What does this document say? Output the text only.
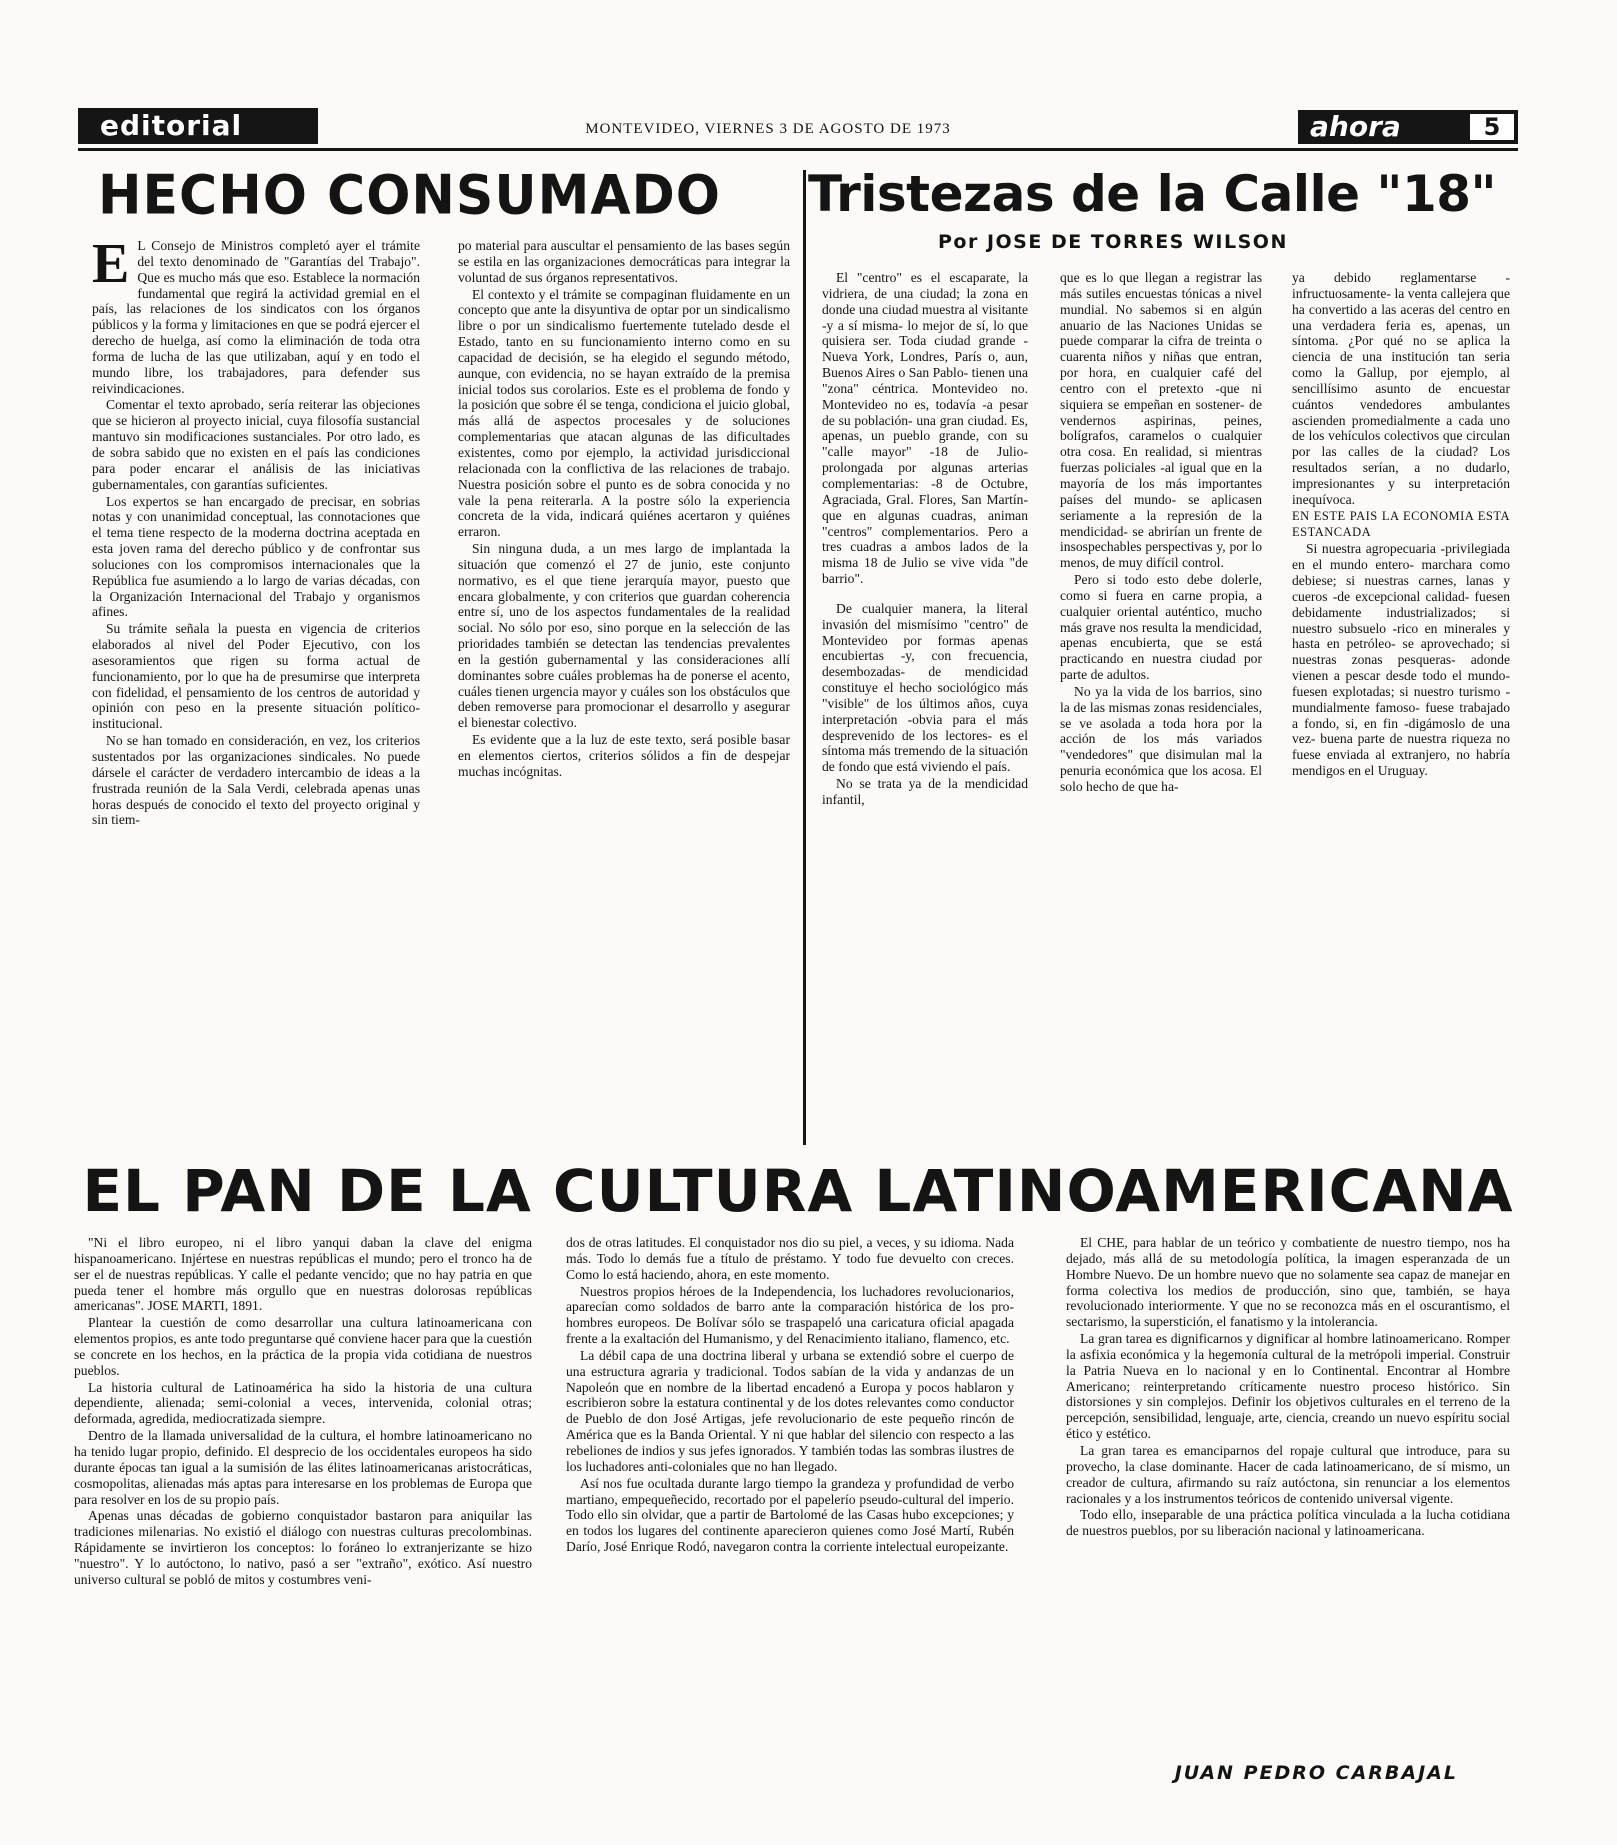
editorial	MONTEVIDEO, VIERNES 3 DE AGOSTO DE 1973	ahora	5
HECHO CONSUMADO

E L Consejo de Ministros completó ayer el trámite del texto denominado de "Garantías del Trabajo". Que es mucho más que eso. Establece la normación fundamental que regirá la actividad gremial en el país, las relaciones de los sindicatos con los órganos públicos y la forma y limitaciones en que se podrá ejercer el derecho de huelga, así como la eliminación de toda otra forma de lucha de las que utilizaban, aquí y en todo el mundo libre, los trabajadores, para defender sus reivindicaciones.

Comentar el texto aprobado, sería reiterar las objeciones que se hicieron al proyecto inicial, cuya filosofía sustancial mantuvo sin modificaciones sustanciales. Por otro lado, es de sobra sabido que no existen en el país las condiciones para poder encarar el análisis de las iniciativas gubernamentales, con garantías suficientes.

Los expertos se han encargado de precisar, en sobrias notas y con unanimidad conceptual, las connotaciones que el tema tiene respecto de la moderna doctrina aceptada en esta joven rama del derecho público y de confrontar sus soluciones con los compromisos internacionales que la República fue asumiendo a lo largo de varias décadas, con la Organización Internacional del Trabajo y organismos afines.

Su trámite señala la puesta en vigencia de criterios elaborados al nivel del Poder Ejecutivo, con los asesoramientos que rigen su forma actual de funcionamiento, por lo que ha de presumirse que interpreta con fidelidad, el pensamiento de los centros de autoridad y opinión con peso en la presente situación político-institucional.

No se han tomado en consideración, en vez, los criterios sustentados por las organizaciones sindicales. No puede dársele el carácter de verdadero intercambio de ideas a la frustrada reunión de la Sala Verdi, celebrada apenas unas horas después de conocido el texto del proyecto original y sin tiem-

po material para auscultar el pensamiento de las bases según se estila en las organizaciones democráticas para integrar la voluntad de sus órganos representativos.

El contexto y el trámite se compaginan fluidamente en un concepto que ante la disyuntiva de optar por un sindicalismo libre o por un sindicalismo fuertemente tutelado desde el Estado, tanto en su funcionamiento interno como en su capacidad de decisión, se ha elegido el segundo método, aunque, con evidencia, no se hayan extraído de la premisa inicial todos sus corolarios. Este es el problema de fondo y la posición que sobre él se tenga, condiciona el juicio global, más allá de aspectos procesales y de soluciones complementarias que atacan algunas de las dificultades existentes, como por ejemplo, la actividad jurisdiccional relacionada con la conflictiva de las relaciones de trabajo. Nuestra posición sobre el punto es de sobra conocida y no vale la pena reiterarla. A la postre sólo la experiencia concreta de la vida, indicará quiénes acertaron y quiénes erraron.

Sin ninguna duda, a un mes largo de implantada la situación que comenzó el 27 de junio, este conjunto normativo, es el que tiene jerarquía mayor, puesto que encara globalmente, y con criterios que guardan coherencia entre sí, uno de los aspectos fundamentales de la realidad social. No sólo por eso, sino porque en la selección de las prioridades también se detectan las tendencias prevalentes en la gestión gubernamental y las consideraciones allí dominantes sobre cuáles problemas ha de ponerse el acento, cuáles tienen urgencia mayor y cuáles son los obstáculos que deben removerse para promocionar el desarrollo y asegurar el bienestar colectivo.

Es evidente que a la luz de este texto, será posible basar en elementos ciertos, criterios sólidos a fin de despejar muchas incógnitas.

Tristezas de la Calle "18"
Por JOSE DE TORRES WILSON

El "centro" es el escaparate, la vidriera, de una ciudad; la zona en donde una ciudad muestra al visitante -y a sí misma- lo mejor de sí, lo que quisiera ser. Toda ciudad grande -Nueva York, Londres, París o, aun, Buenos Aires o San Pablo- tienen una "zona" céntrica. Montevideo no. Montevideo no es, todavía -a pesar de su población- una gran ciudad. Es, apenas, un pueblo grande, con su "calle mayor" -18 de Julio- prolongada por algunas arterias complementarias: -8 de Octubre, Agraciada, Gral. Flores, San Martín- que en algunas cuadras, animan "centros" complementarios. Pero a tres cuadras a ambos lados de la misma 18 de Julio se vive vida "de barrio".

De cualquier manera, la literal invasión del mismísimo "centro" de Montevideo por formas apenas encubiertas -y, con frecuencia, desembozadas- de mendicidad constituye el hecho sociológico más "visible" de los últimos años, cuya interpretación -obvia para el más desprevenido de los lectores- es el síntoma más tremendo de la situación de fondo que está viviendo el país.

No se trata ya de la mendicidad infantil,

que es lo que llegan a registrar las más sutiles encuestas tónicas a nivel mundial. No sabemos si en algún anuario de las Naciones Unidas se puede comparar la cifra de treinta o cuarenta niños y niñas que entran, por hora, en cualquier café del centro con el pretexto -que ni siquiera se empeñan en sostener- de vendernos aspirinas, peines, bolígrafos, caramelos o cualquier otra cosa. En realidad, si mientras fuerzas policiales -al igual que en la mayoría de los más importantes países del mundo- se aplicasen seriamente a la represión de la mendicidad- se abrirían un frente de insospechables perspectivas y, por lo menos, de muy difícil control.

Pero si todo esto debe dolerle, como si fuera en carne propia, a cualquier oriental auténtico, mucho más grave nos resulta la mendicidad, apenas encubierta, que se está practicando en nuestra ciudad por parte de adultos.

No ya la vida de los barrios, sino la de las mismas zonas residenciales, se ve asolada a toda hora por la acción de los más variados "vendedores" que disimulan mal la penuria económica que los acosa. El solo hecho de que ha-

ya debido reglamentarse -infructuosamente- la venta callejera que ha convertido a las aceras del centro en una verdadera feria es, apenas, un síntoma. ¿Por qué no se aplica la ciencia de una institución tan seria como la Gallup, por ejemplo, al sencillísimo asunto de encuestar cuántos vendedores ambulantes ascienden promedialmente a cada uno de los vehículos colectivos que circulan por las calles de la ciudad? Los resultados serían, a no dudarlo, impresionantes y su interpretación inequívoca.

EN ESTE PAIS LA ECONOMIA ESTA ESTANCADA

Si nuestra agropecuaria -privilegiada en el mundo entero- marchara como debiese; si nuestras carnes, lanas y cueros -de excepcional calidad- fuesen debidamente industrializados; si nuestro subsuelo -rico en minerales y hasta en petróleo- se aprovechado; si nuestras zonas pesqueras- adonde vienen a pescar desde todo el mundo- fuesen explotadas; si nuestro turismo -mundialmente famoso- fuese trabajado a fondo, si, en fin -digámoslo de una vez- buena parte de nuestra riqueza no fuese enviada al extranjero, no habría mendigos en el Uruguay.

EL PAN DE LA CULTURA LATINOAMERICANA

"Ni el libro europeo, ni el libro yanqui daban la clave del enigma hispanoamericano. Injértese en nuestras repúblicas el mundo; pero el tronco ha de ser el de nuestras repúblicas. Y calle el pedante vencido; que no hay patria en que pueda tener el hombre más orgullo que en nuestras dolorosas repúblicas americanas". JOSE MARTI, 1891.

Plantear la cuestión de como desarrollar una cultura latinoamericana con elementos propios, es ante todo preguntarse qué conviene hacer para que la cuestión se concrete en los hechos, en la práctica de la propia vida cotidiana de nuestros pueblos.

La historia cultural de Latinoamérica ha sido la historia de una cultura dependiente, alienada; semi-colonial a veces, intervenida, colonial otras; deformada, agredida, mediocratizada siempre.

Dentro de la llamada universalidad de la cultura, el hombre latinoamericano no ha tenido lugar propio, definido. El desprecio de los occidentales europeos ha sido durante épocas tan igual a la sumisión de las élites latinoamericanas aristocráticas, cosmopolitas, alienadas más aptas para interesarse en los problemas de Europa que para resolver en los de su propio país.

Apenas unas décadas de gobierno conquistador bastaron para aniquilar las tradiciones milenarias. No existió el diálogo con nuestras culturas precolombinas. Rápidamente se invirtieron los conceptos: lo foráneo lo extranjerizante se hizo "nuestro". Y lo autóctono, lo nativo, pasó a ser "extraño", exótico. Así nuestro universo cultural se pobló de mitos y costumbres veni-

dos de otras latitudes. El conquistador nos dio su piel, a veces, y su idioma. Nada más. Todo lo demás fue a título de préstamo. Y todo fue devuelto con creces. Como lo está haciendo, ahora, en este momento.

Nuestros propios héroes de la Independencia, los luchadores revolucionarios, aparecían como soldados de barro ante la comparación histórica de los pro-hombres europeos. De Bolívar sólo se traspapeló una caricatura oficial apagada frente a la exaltación del Humanismo, y del Renacimiento italiano, flamenco, etc.

La débil capa de una doctrina liberal y urbana se extendió sobre el cuerpo de una estructura agraria y tradicional. Todos sabían de la vida y andanzas de un Napoleón que en nombre de la libertad encadenó a Europa y pocos hablaron y escribieron sobre la estatura continental y de los dotes relevantes como conductor de Pueblo de don José Artigas, jefe revolucionario de este pequeño rincón de América que es la Banda Oriental. Y ni que hablar del silencio con respecto a las rebeliones de indios y sus jefes ignorados. Y también todas las sombras ilustres de los luchadores anti-coloniales que no han llegado.

Así nos fue ocultada durante largo tiempo la grandeza y profundidad de verbo martiano, empequeñecido, recortado por el papelerío pseudo-cultural del imperio. Todo ello sin olvidar, que a partir de Bartolomé de las Casas hubo excepciones; y en todos los lugares del continente aparecieron quienes como José Martí, Rubén Darío, José Enrique Rodó, navegaron contra la corriente intelectual europeizante.

El CHE, para hablar de un teórico y combatiente de nuestro tiempo, nos ha dejado, más allá de su metodología política, la imagen esperanzada de un Hombre Nuevo. De un hombre nuevo que no solamente sea capaz de manejar en forma colectiva los medios de producción, sino que, también, se haya revolucionado interiormente. Y que no se reconozca más en el oscurantismo, el sectarismo, la superstición, el fanatismo y la intolerancia.

La gran tarea es dignificarnos y dignificar al hombre latinoamericano. Romper la asfixia económica y la hegemonía cultural de la metrópoli imperial. Construir la Patria Nueva en lo nacional y en lo Continental. Encontrar al Hombre Americano; reinterpretando críticamente nuestro proceso histórico. Sin distorsiones y sin complejos. Definir los objetivos culturales en el terreno de la percepción, sensibilidad, lenguaje, arte, ciencia, creando un nuevo espíritu social ético y estético.

La gran tarea es emanciparnos del ropaje cultural que introduce, para su provecho, la clase dominante. Hacer de cada latinoamericano, de sí mismo, un creador de cultura, afirmando su raíz autóctona, sin renunciar a los elementos racionales y a los instrumentos teóricos de contenido universal vigente.

Todo ello, inseparable de una práctica política vinculada a la lucha cotidiana de nuestros pueblos, por su liberación nacional y latinoamericana.

JUAN PEDRO CARBAJAL
